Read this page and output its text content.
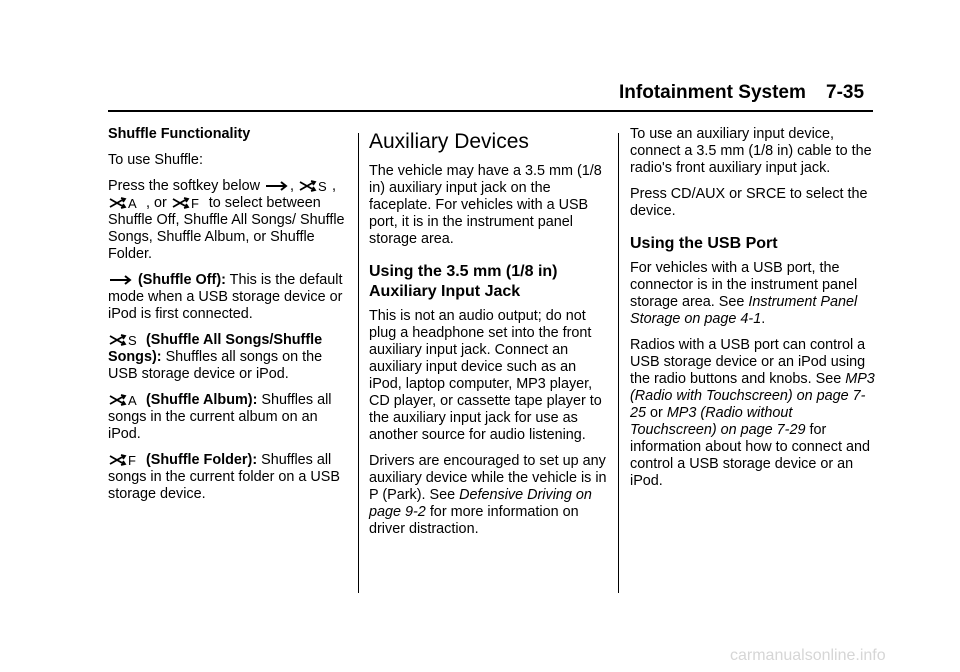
Infotainment System 7-35

Shuffle Functionality

To use Shuffle:

Press the softkey below , S ,

A , or F to select between Shuffle Off, Shuffle All Songs/ Shuffle Songs, Shuffle Album, or Shuffle Folder.

(Shuffle Off): This is the default mode when a USB storage device or iPod is first connected.

S (Shuffle All Songs/Shuffle Songs): Shuffles all songs on the USB storage device or iPod.

A (Shuffle Album): Shuffles all songs in the current album on an iPod.

F (Shuffle Folder): Shuffles all songs in the current folder on a USB storage device.

Auxiliary Devices

The vehicle may have a 3.5 mm (1/8 in) auxiliary input jack on the faceplate. For vehicles with a USB port, it is in the instrument panel storage area.

Using the 3.5 mm (1/8 in) Auxiliary Input Jack

This is not an audio output; do not plug a headphone set into the front auxiliary input jack. Connect an auxiliary input device such as an iPod, laptop computer, MP3 player, CD player, or cassette tape player to the auxiliary input jack for use as another source for audio listening.

Drivers are encouraged to set up any auxiliary device while the vehicle is in P (Park). See Defensive Driving on page 9-2 for more information on driver distraction.

To use an auxiliary input device, connect a 3.5 mm (1/8 in) cable to the radio's front auxiliary input jack.

Press CD/AUX or SRCE to select the device.

Using the USB Port

For vehicles with a USB port, the connector is in the instrument panel storage area. See Instrument Panel Storage on page 4-1.

Radios with a USB port can control a USB storage device or an iPod using the radio buttons and knobs. See MP3 (Radio with Touchscreen) on page 7-25 or MP3 (Radio without Touchscreen) on page 7-29 for information about how to connect and control a USB storage device or an iPod.

carmanualsonline.info
